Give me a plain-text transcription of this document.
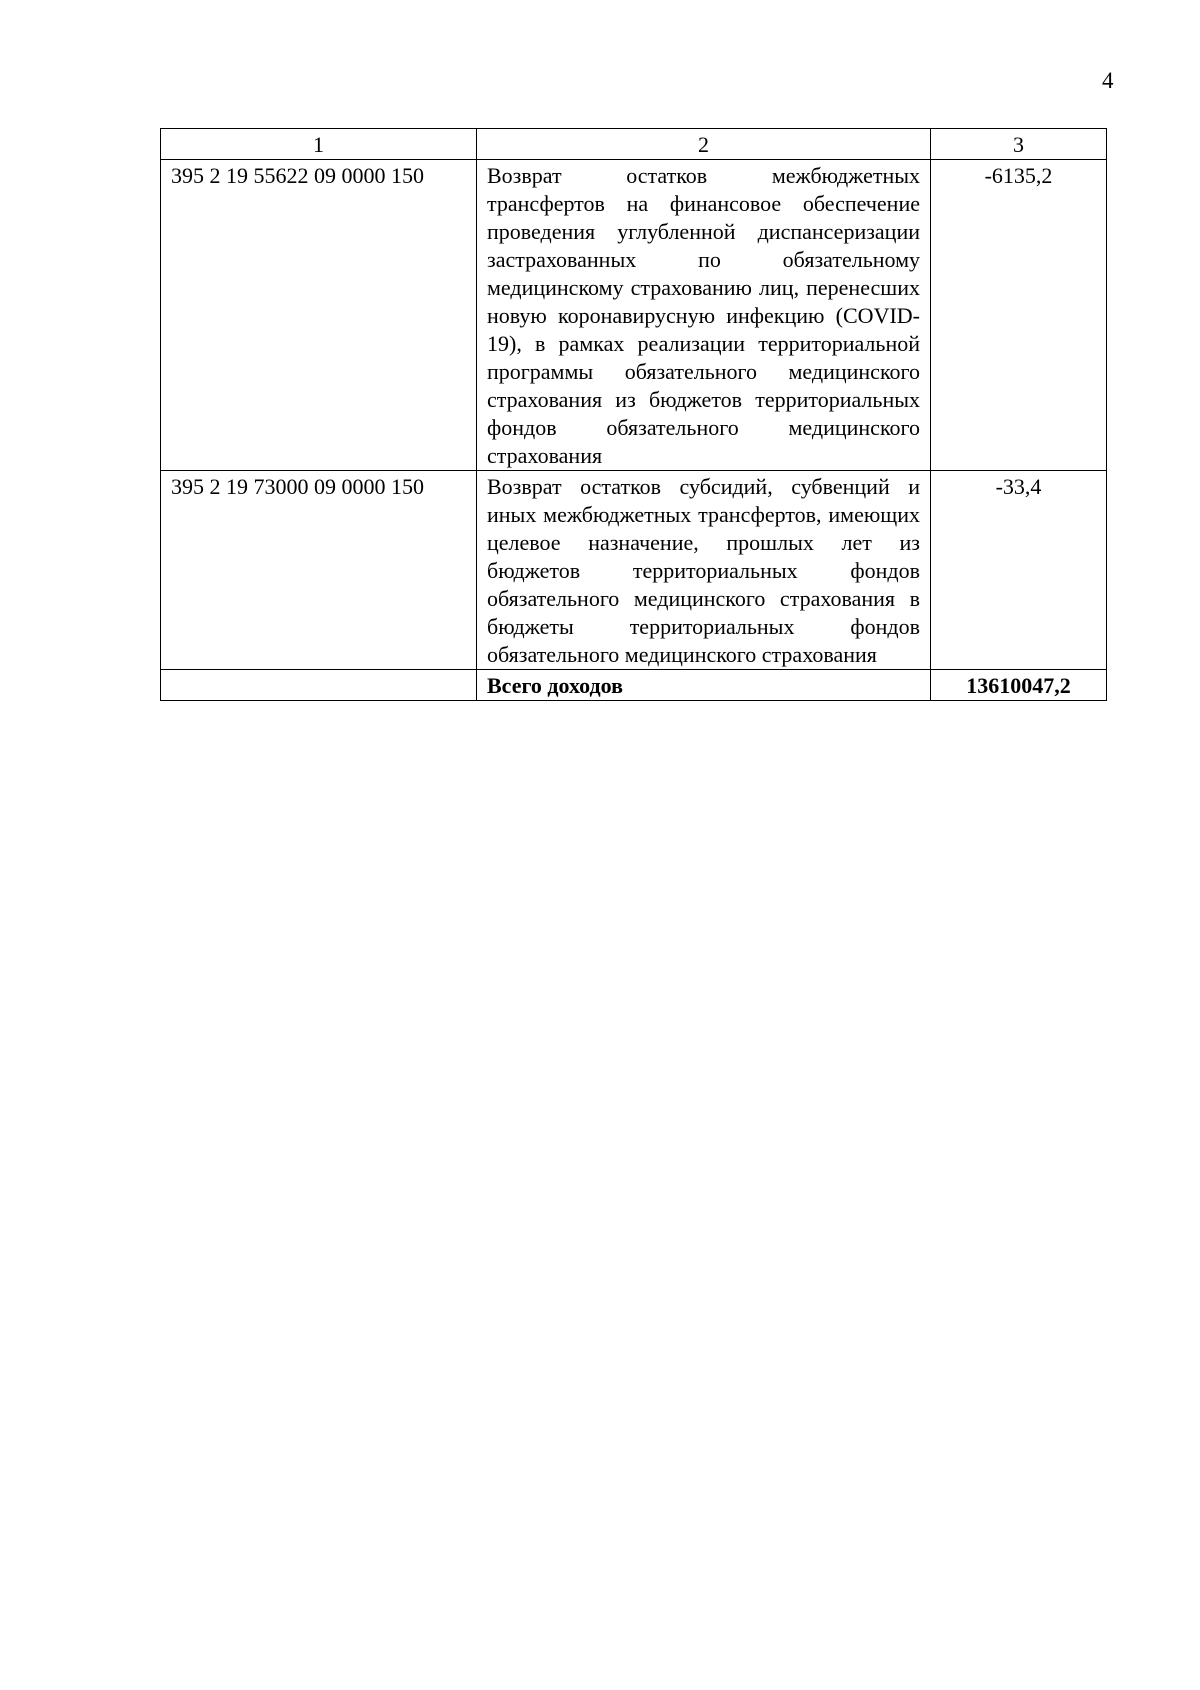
4
1	2	3
395 2 19 55622 09 0000 150	Возврат остатков межбюджетных трансфертов на финансовое обеспечение проведения углубленной диспансеризации застрахованных по обязательному медицинскому страхованию лиц, перенесших новую коронавирусную инфекцию (COVID-19), в рамках реализации территориальной программы обязательного медицинского страхования из бюджетов территориальных фондов обязательного медицинского страхования	-6135,2
395 2 19 73000 09 0000 150	Возврат остатков субсидий, субвенций и иных межбюджетных трансфертов, имеющих целевое назначение, прошлых лет из бюджетов территориальных фондов обязательного медицинского страхования в бюджеты территориальных фондов обязательного медицинского страхования	-33,4
	Всего доходов	13610047,2
